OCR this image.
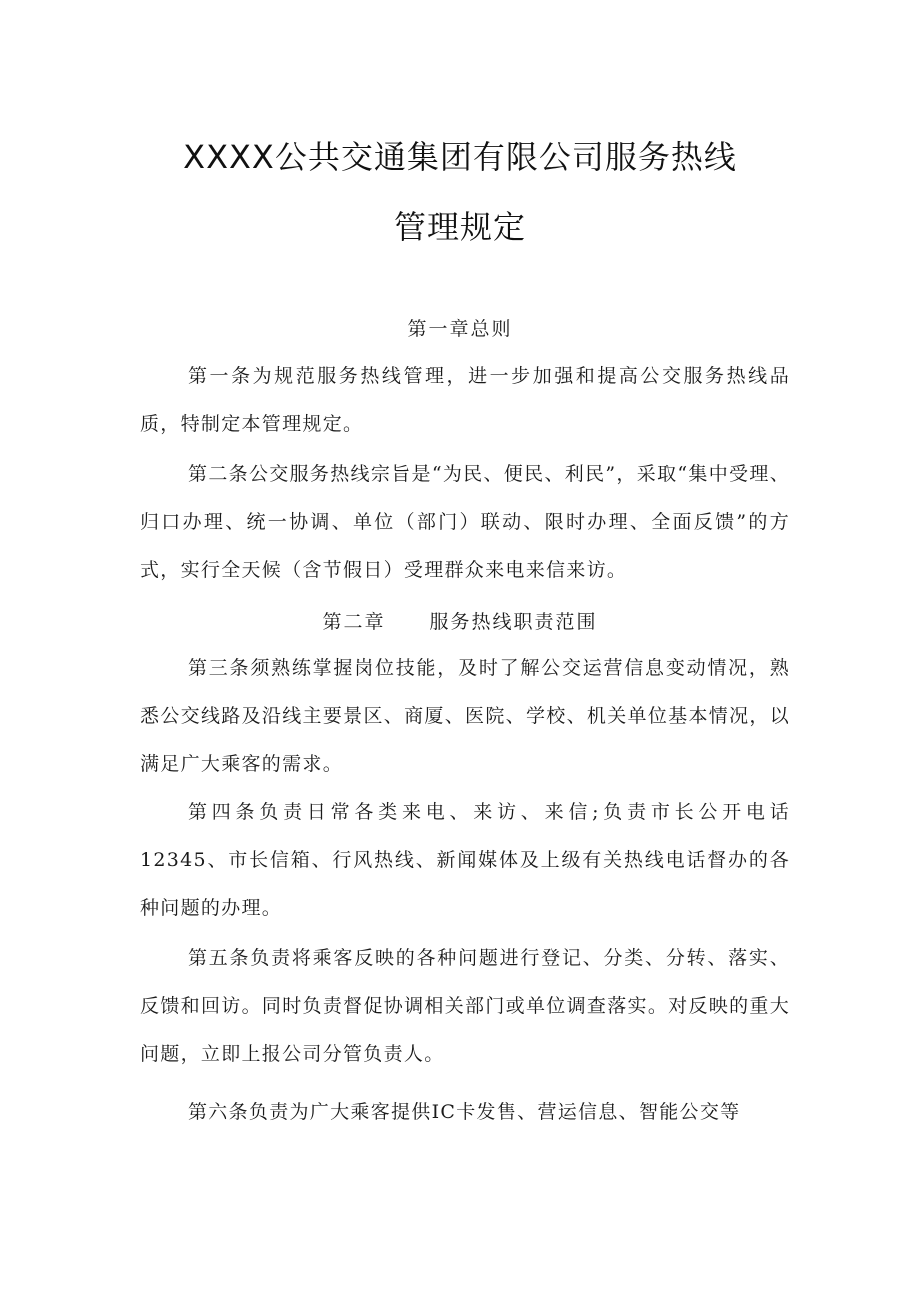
XXXX公共交通集团有限公司服务热线
管理规定
第一章总则
第一条为规范服务热线管理，进一步加强和提高公交服务热线品质，特制定本管理规定。
第二条公交服务热线宗旨是“为民、便民、利民”，采取“集中受理、归口办理、统一协调、单位（部门）联动、限时办理、全面反馈”的方式，实行全天候（含节假日）受理群众来电来信来访。
第二章 服务热线职责范围
第三条须熟练掌握岗位技能，及时了解公交运营信息变动情况，熟悉公交线路及沿线主要景区、商厦、医院、学校、机关单位基本情况，以满足广大乘客的需求。
第四条负责日常各类来电、来访、来信;负责市长公开电话12345、市长信箱、行风热线、新闻媒体及上级有关热线电话督办的各种问题的办理。
第五条负责将乘客反映的各种问题进行登记、分类、分转、落实、反馈和回访。同时负责督促协调相关部门或单位调查落实。对反映的重大问题，立即上报公司分管负责人。
第六条负责为广大乘客提供IC卡发售、营运信息、智能公交等
